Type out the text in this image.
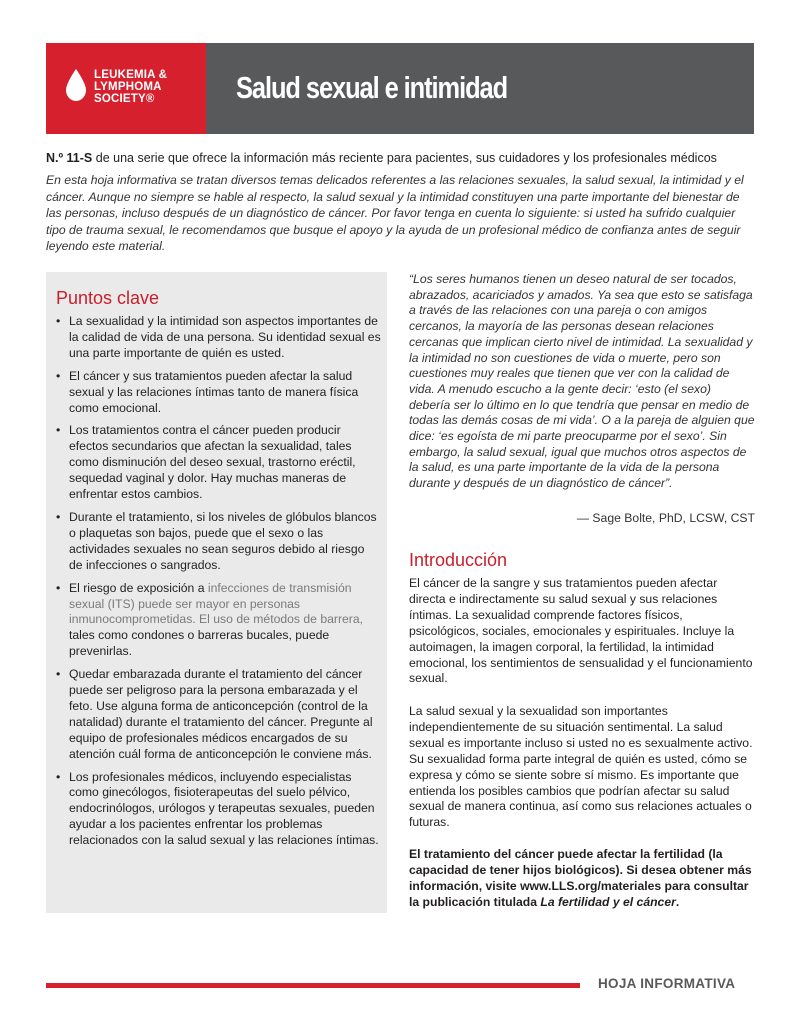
LEUKEMIA &
LYMPHOMA
SOCIETY®	Salud sexual e intimidad
N.º 11-S de una serie que ofrece la información más reciente para pacientes, sus cuidadores y los profesionales médicos
En esta hoja informativa se tratan diversos temas delicados referentes a las relaciones sexuales, la salud sexual, la intimidad y el cáncer. Aunque no siempre se hable al respecto, la salud sexual y la intimidad constituyen una parte importante del bienestar de las personas, incluso después de un diagnóstico de cáncer. Por favor tenga en cuenta lo siguiente: si usted ha sufrido cualquier tipo de trauma sexual, le recomendamos que busque el apoyo y la ayuda de un profesional médico de confianza antes de seguir leyendo este material.
Puntos clave
• La sexualidad y la intimidad son aspectos importantes de la calidad de vida de una persona. Su identidad sexual es una parte importante de quién es usted.
• El cáncer y sus tratamientos pueden afectar la salud sexual y las relaciones íntimas tanto de manera física como emocional.
• Los tratamientos contra el cáncer pueden producir efectos secundarios que afectan la sexualidad, tales como disminución del deseo sexual, trastorno eréctil, sequedad vaginal y dolor. Hay muchas maneras de enfrentar estos cambios.
• Durante el tratamiento, si los niveles de glóbulos blancos o plaquetas son bajos, puede que el sexo o las actividades sexuales no sean seguros debido al riesgo de infecciones o sangrados.
• El riesgo de exposición a infecciones de transmisión sexual (ITS) puede ser mayor en personas inmunocomprometidas. El uso de métodos de barrera, tales como condones o barreras bucales, puede prevenirlas.
• Quedar embarazada durante el tratamiento del cáncer puede ser peligroso para la persona embarazada y el feto. Use alguna forma de anticoncepción (control de la natalidad) durante el tratamiento del cáncer. Pregunte al equipo de profesionales médicos encargados de su atención cuál forma de anticoncepción le conviene más.
• Los profesionales médicos, incluyendo especialistas como ginecólogos, fisioterapeutas del suelo pélvico, endocrinólogos, urólogos y terapeutas sexuales, pueden ayudar a los pacientes enfrentar los problemas relacionados con la salud sexual y las relaciones íntimas.
“Los seres humanos tienen un deseo natural de ser tocados, abrazados, acariciados y amados. Ya sea que esto se satisfaga a través de las relaciones con una pareja o con amigos cercanos, la mayoría de las personas desean relaciones cercanas que implican cierto nivel de intimidad. La sexualidad y la intimidad no son cuestiones de vida o muerte, pero son cuestiones muy reales que tienen que ver con la calidad de vida. A menudo escucho a la gente decir: ‘esto (el sexo) debería ser lo último en lo que tendría que pensar en medio de todas las demás cosas de mi vida’. O a la pareja de alguien que dice: ‘es egoísta de mi parte preocuparme por el sexo’. Sin embargo, la salud sexual, igual que muchos otros aspectos de la salud, es una parte importante de la vida de la persona durante y después de un diagnóstico de cáncer”.
— Sage Bolte, PhD, LCSW, CST
Introducción
El cáncer de la sangre y sus tratamientos pueden afectar directa e indirectamente su salud sexual y sus relaciones íntimas. La sexualidad comprende factores físicos, psicológicos, sociales, emocionales y espirituales. Incluye la autoimagen, la imagen corporal, la fertilidad, la intimidad emocional, los sentimientos de sensualidad y el funcionamiento sexual.
La salud sexual y la sexualidad son importantes independientemente de su situación sentimental. La salud sexual es importante incluso si usted no es sexualmente activo. Su sexualidad forma parte integral de quién es usted, cómo se expresa y cómo se siente sobre sí mismo. Es importante que entienda los posibles cambios que podrían afectar su salud sexual de manera continua, así como sus relaciones actuales o futuras.
El tratamiento del cáncer puede afectar la fertilidad (la capacidad de tener hijos biológicos). Si desea obtener más información, visite www.LLS.org/materiales para consultar la publicación titulada La fertilidad y el cáncer.
HOJA INFORMATIVA
